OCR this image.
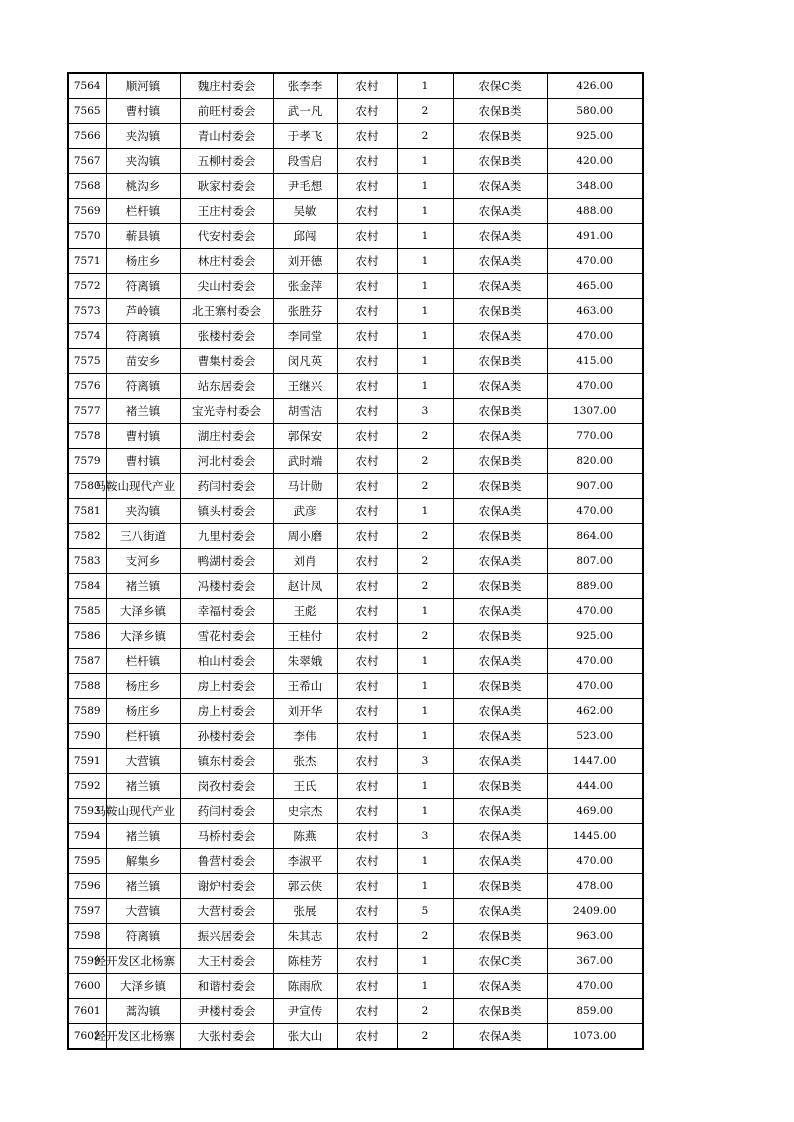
7564	顺河镇	魏庄村委会	张李李	农村	1	农保C类	426.00
7565	曹村镇	前旺村委会	武一凡	农村	2	农保B类	580.00
7566	夹沟镇	青山村委会	于孝飞	农村	2	农保B类	925.00
7567	夹沟镇	五柳村委会	段雪启	农村	1	农保B类	420.00
7568	桃沟乡	耿家村委会	尹毛想	农村	1	农保A类	348.00
7569	栏杆镇	王庄村委会	吴敏	农村	1	农保A类	488.00
7570	蕲县镇	代安村委会	邱闯	农村	1	农保A类	491.00
7571	杨庄乡	林庄村委会	刘开德	农村	1	农保A类	470.00
7572	符离镇	尖山村委会	张金萍	农村	1	农保A类	465.00
7573	芦岭镇	北王寨村委会	张胜芬	农村	1	农保B类	463.00
7574	符离镇	张楼村委会	李同堂	农村	1	农保A类	470.00
7575	苗安乡	曹集村委会	闵凡英	农村	1	农保B类	415.00
7576	符离镇	站东居委会	王继兴	农村	1	农保A类	470.00
7577	褚兰镇	宝光寺村委会	胡雪洁	农村	3	农保B类	1307.00
7578	曹村镇	湖庄村委会	郭保安	农村	2	农保A类	770.00
7579	曹村镇	河北村委会	武时端	农村	2	农保B类	820.00
7580	马鞍山现代产业	药闫村委会	马计勋	农村	2	农保B类	907.00
7581	夹沟镇	镇头村委会	武彦	农村	1	农保A类	470.00
7582	三八街道	九里村委会	周小磨	农村	2	农保B类	864.00
7583	支河乡	鸭湖村委会	刘肖	农村	2	农保A类	807.00
7584	褚兰镇	冯楼村委会	赵计凤	农村	2	农保B类	889.00
7585	大泽乡镇	幸福村委会	王彪	农村	1	农保A类	470.00
7586	大泽乡镇	雪花村委会	王桂付	农村	2	农保B类	925.00
7587	栏杆镇	柏山村委会	朱翠娥	农村	1	农保A类	470.00
7588	杨庄乡	房上村委会	王希山	农村	1	农保B类	470.00
7589	杨庄乡	房上村委会	刘开华	农村	1	农保A类	462.00
7590	栏杆镇	孙楼村委会	李伟	农村	1	农保A类	523.00
7591	大营镇	镇东村委会	张杰	农村	3	农保A类	1447.00
7592	褚兰镇	岗孜村委会	王氏	农村	1	农保B类	444.00
7593	马鞍山现代产业	药闫村委会	史宗杰	农村	1	农保A类	469.00
7594	褚兰镇	马桥村委会	陈燕	农村	3	农保A类	1445.00
7595	解集乡	鲁营村委会	李淑平	农村	1	农保A类	470.00
7596	褚兰镇	谢炉村委会	郭云侠	农村	1	农保B类	478.00
7597	大营镇	大营村委会	张展	农村	5	农保A类	2409.00
7598	符离镇	振兴居委会	朱其志	农村	2	农保B类	963.00
7599	经开发区北杨寨	大王村委会	陈桂芳	农村	1	农保C类	367.00
7600	大泽乡镇	和谐村委会	陈雨欣	农村	1	农保A类	470.00
7601	蒿沟镇	尹楼村委会	尹宣传	农村	2	农保B类	859.00
7602	经开发区北杨寨	大张村委会	张大山	农村	2	农保A类	1073.00
